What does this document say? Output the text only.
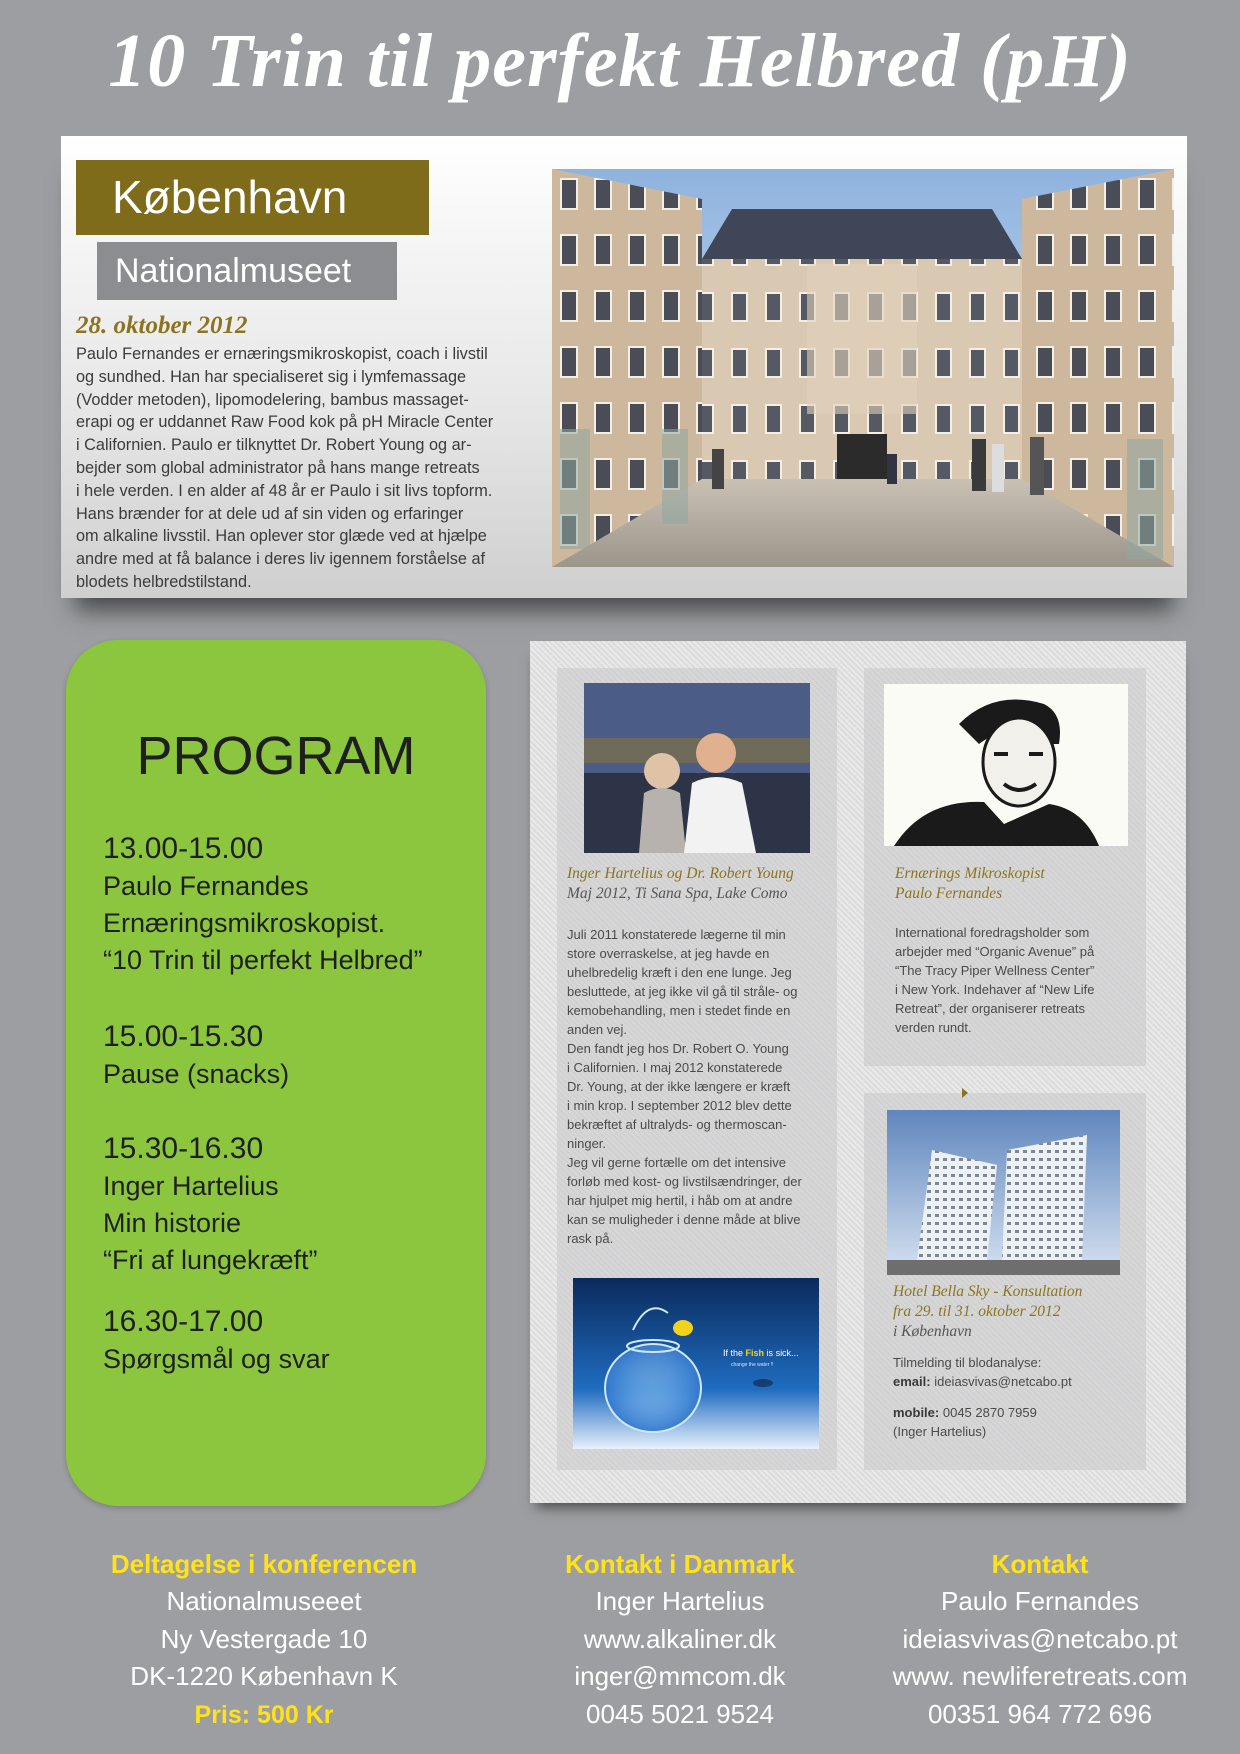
10 Trin til perfekt Helbred (pH)
København
Nationalmuseet
28. oktober 2012
Paulo Fernandes er ernæringsmikroskopist, coach i livstil
og sundhed. Han har specialiseret sig i lymfemassage
(Vodder metoden), lipomodelering, bambus massaget-
erapi og er uddannet Raw Food kok på pH Miracle Center
i Californien. Paulo er tilknyttet Dr. Robert Young og ar-
bejder som global administrator på hans mange retreats
i hele verden. I en alder af 48 år er Paulo i sit livs topform.
Hans brænder for at dele ud af sin viden og erfaringer
om alkaline livsstil. Han oplever stor glæde ved at hjælpe
andre med at få balance i deres liv igennem forståelse af
blodets helbredstilstand.
PROGRAM
13.00-15.00
Paulo Fernandes
Ernæringsmikroskopist.
“10 Trin til perfekt Helbred”
15.00-15.30
Pause (snacks)
15.30-16.30
Inger Hartelius
Min historie
“Fri af lungekræft”
16.30-17.00
Spørgsmål og svar
Inger Hartelius og Dr. Robert Young
Maj 2012, Ti Sana Spa, Lake Como
Juli 2011 konstaterede lægerne til min
store overraskelse, at jeg havde en
uhelbredelig kræft i den ene lunge. Jeg
besluttede, at jeg ikke vil gå til stråle- og
kemobehandling, men i stedet finde en
anden vej.
Den fandt jeg hos Dr. Robert O. Young
i Californien. I maj 2012 konstaterede
Dr. Young, at der ikke længere er kræft
i min krop. I september 2012 blev dette
bekræftet af ultralyds- og thermoscan-
ninger.
Jeg vil gerne fortælle om det intensive
forløb med kost- og livstilsændringer, der
har hjulpet mig hertil, i håb om at andre
kan se muligheder i denne måde at blive
rask på.
If the Fish is sick...
change the water !!
Ernærings Mikroskopist
Paulo Fernandes
International foredragsholder som
arbejder med “Organic Avenue” på
“The Tracy Piper Wellness Center”
i New York. Indehaver af “New Life
Retreat”, der organiserer retreats
verden rundt.
Hotel Bella Sky - Konsultation
fra 29. til 31. oktober 2012
i København
Tilmelding til blodanalyse:
email: ideiasvivas@netcabo.pt
mobile: 0045 2870 7959
(Inger Hartelius)
Deltagelse i konferencen
Nationalmuseeet
Ny Vestergade 10
DK-1220 København K
Pris: 500 Kr
Kontakt i Danmark
Inger Hartelius
www.alkaliner.dk
inger@mmcom.dk
0045 5021 9524
Kontakt
Paulo Fernandes
ideiasvivas@netcabo.pt
www. newliferetreats.com
00351 964 772 696
